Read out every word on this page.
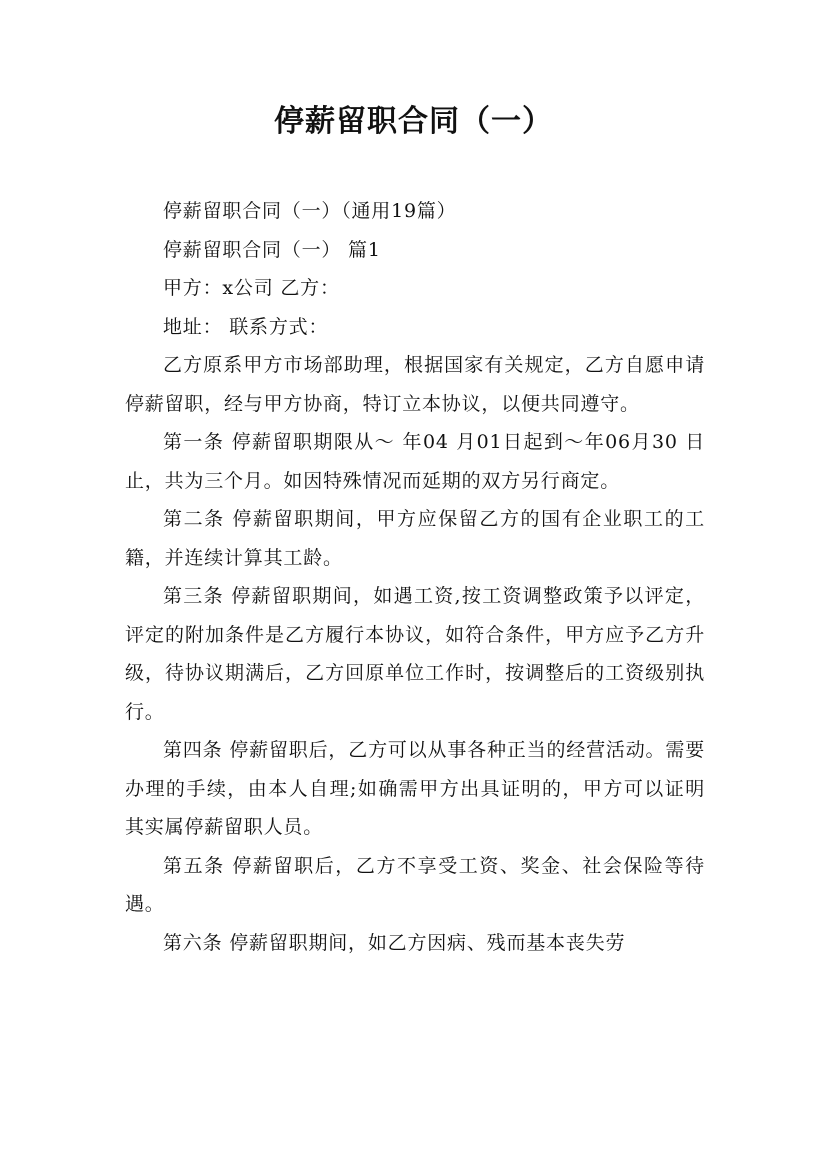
停薪留职合同（一）

停薪留职合同（一）（通用19篇）

停薪留职合同（一） 篇1

甲方：x公司 乙方：

地址： 联系方式：

乙方原系甲方市场部助理，根据国家有关规定，乙方自愿申请停薪留职，经与甲方协商，特订立本协议，以便共同遵守。

第一条 停薪留职期限从～ 年04 月01日起到～年06月30 日止，共为三个月。如因特殊情况而延期的双方另行商定。

第二条 停薪留职期间，甲方应保留乙方的国有企业职工的工籍，并连续计算其工龄。

第三条 停薪留职期间，如遇工资,按工资调整政策予以评定，评定的附加条件是乙方履行本协议，如符合条件，甲方应予乙方升级，待协议期满后，乙方回原单位工作时，按调整后的工资级别执行。

第四条 停薪留职后，乙方可以从事各种正当的经营活动。需要办理的手续，由本人自理;如确需甲方出具证明的，甲方可以证明其实属停薪留职人员。

第五条 停薪留职后，乙方不享受工资、奖金、社会保险等待遇。

第六条 停薪留职期间，如乙方因病、残而基本丧失劳
